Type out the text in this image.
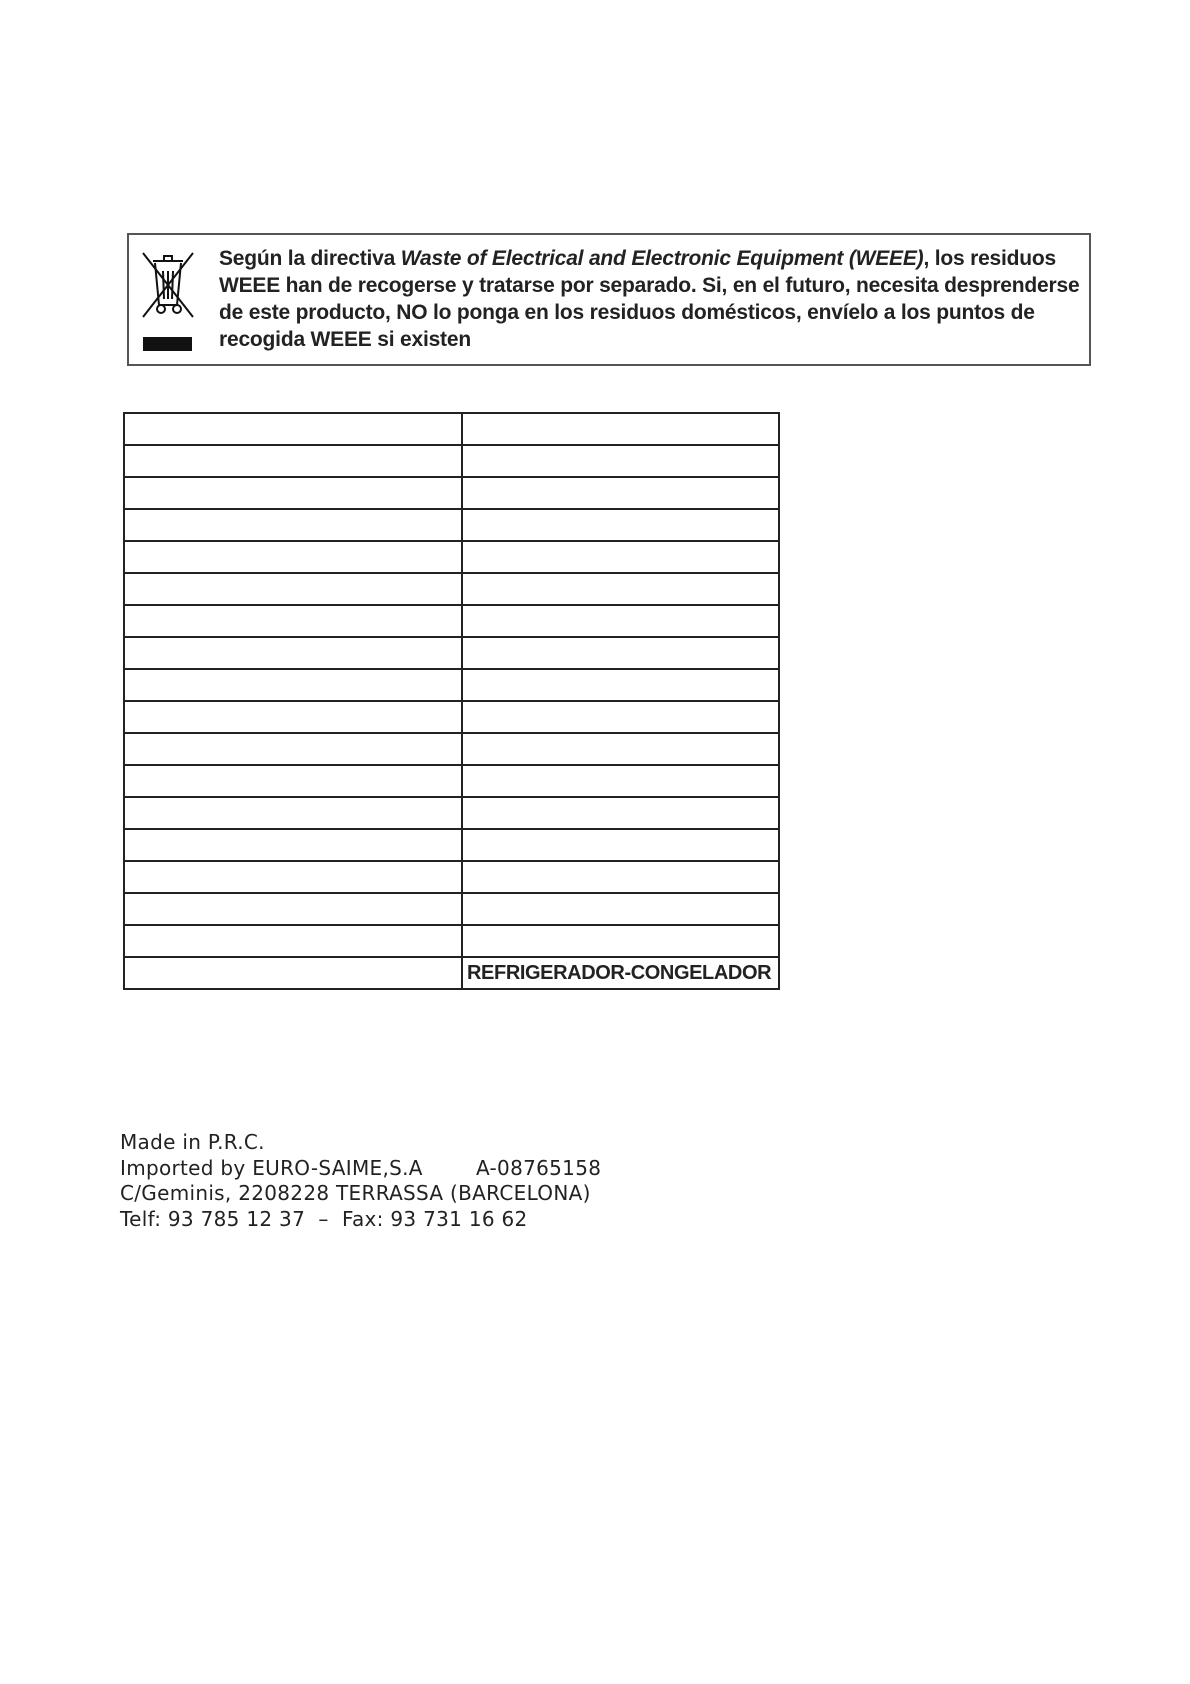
Según la directiva Waste of Electrical and Electronic Equipment (WEEE), los residuos WEEE han de recogerse y tratarse por separado. Si, en el futuro, necesita desprenderse de este producto, NO lo ponga en los residuos domésticos, envíelo a los puntos de recogida WEEE si existen

	REFRIGERADOR-CONGELADOR
Made in P.R.C.
Imported by EURO-SAIME,S.A        A-08765158
C/Geminis, 2208228 TERRASSA (BARCELONA)
Telf: 93 785 12 37  –  Fax: 93 731 16 62
